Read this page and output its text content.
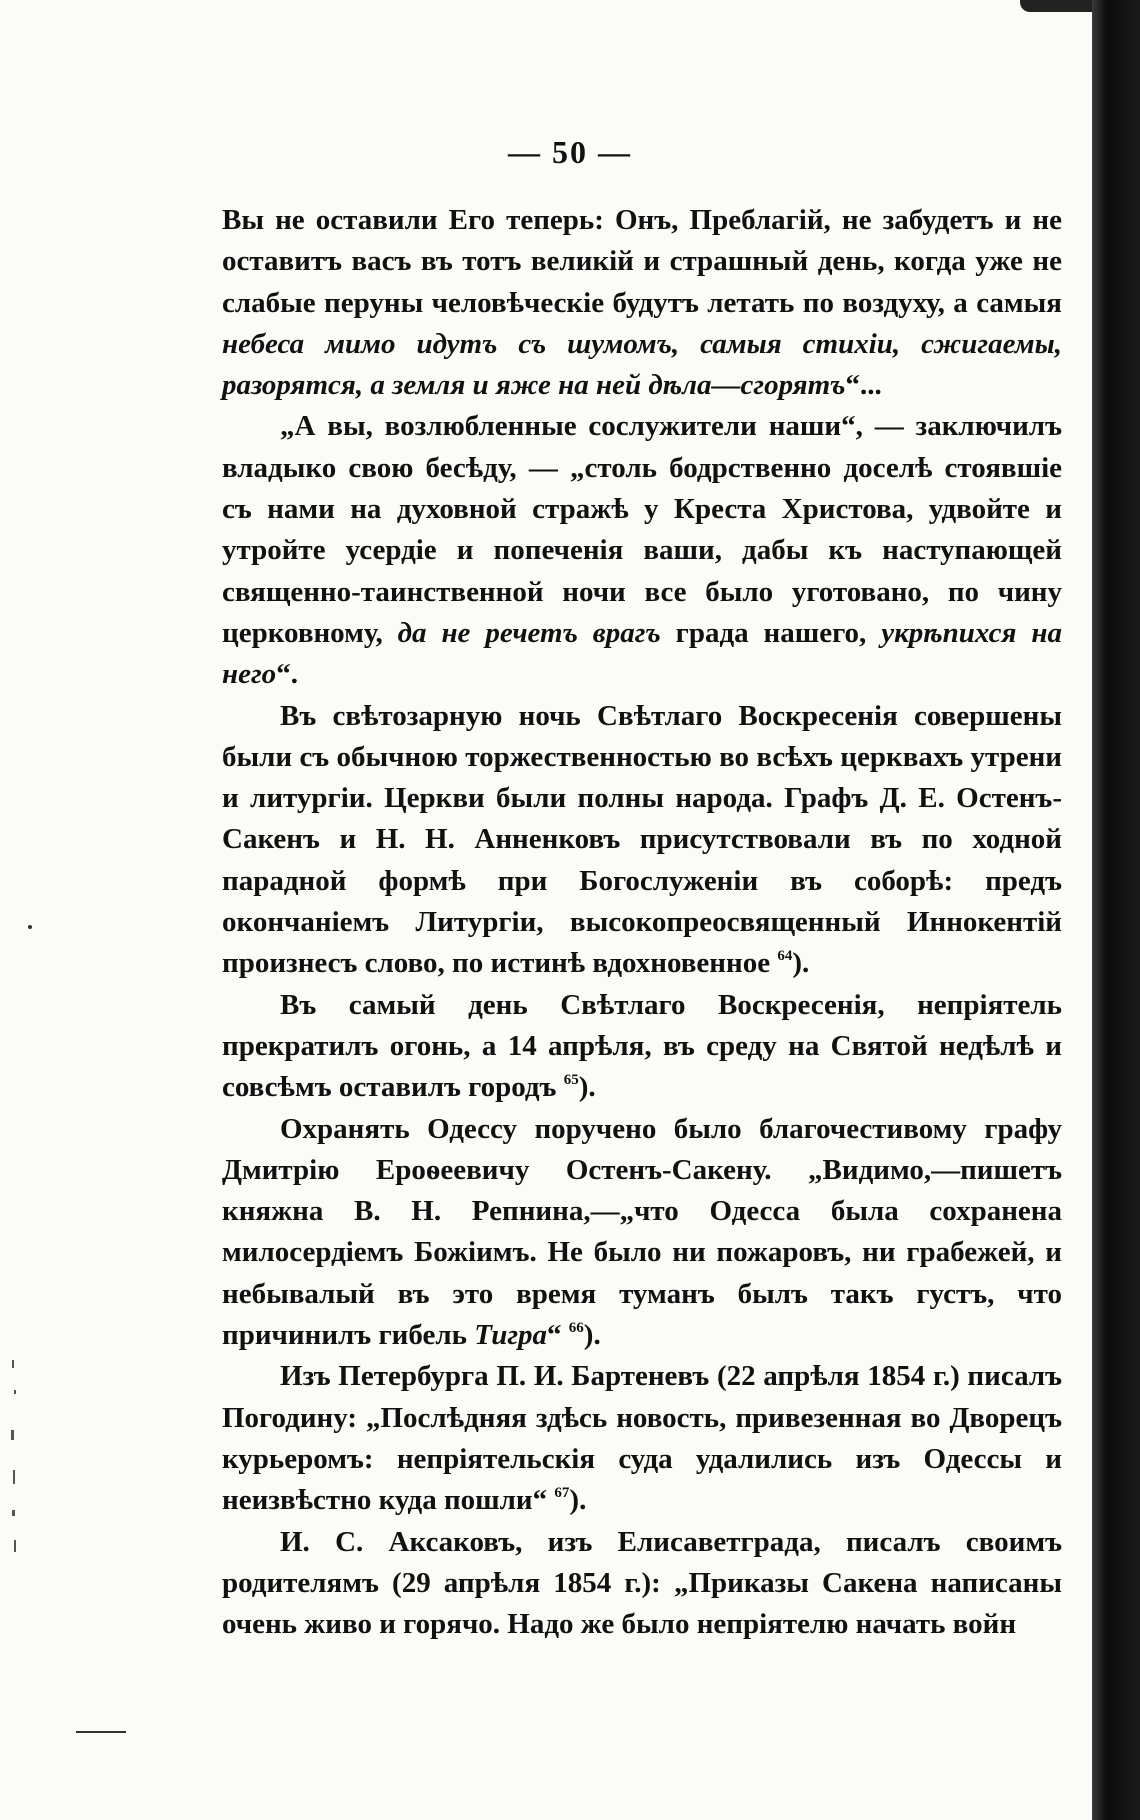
— 50 —

Вы не оставили Его теперь: Онъ, Преблагій, не забудетъ и не оставитъ васъ въ тотъ великій и страшный день, когда уже не слабые перуны человѣческіе будутъ летать по воздуху, а самыя небеса мимо идутъ съ шумомъ, самыя стихіи, сжигаемы, разорятся, а земля и яже на ней дѣла—сгорятъ“...

„А вы, возлюбленные сослужители наши“, — заключилъ владыко свою бесѣду, — „столь бодрственно доселѣ стоявшіе съ нами на духовной стражѣ у Креста Христова, удвойте и утройте усердіе и попеченія ваши, дабы къ наступающей священно-таинственной ночи все было уготовано, по чину церковному, да не речетъ врагъ града нашего, укрѣпихся на него“.

Въ свѣтозарную ночь Свѣтлаго Воскресенія совершены были съ обычною торжественностью во всѣхъ церквахъ утрени и литургіи. Церкви были полны народа. Графъ Д. Е. Остенъ-Сакенъ и Н. Н. Анненковъ присутствовали въ по ходной парадной формѣ при Богослуженіи въ соборѣ: предъ окончаніемъ Литургіи, высокопреосвященный Иннокентій произнесъ слово, по истинѣ вдохновенное $^{64}$).

Въ самый день Свѣтлаго Воскресенія, непріятель прекратилъ огонь, а 14 апрѣля, въ среду на Святой недѣлѣ и совсѣмъ оставилъ городъ $^{65}$).

Охранять Одессу поручено было благочестивому графу Дмитрію Ероѳеевичу Остенъ-Сакену. „Видимо,—пишетъ княжна В. Н. Репнина,—„что Одесса была сохранена милосердіемъ Божіимъ. Не было ни пожаровъ, ни грабежей, и небывалый въ это время туманъ былъ такъ густъ, что причинилъ гибель Тигра“ $^{66}$).

Изъ Петербурга П. И. Бартеневъ (22 апрѣля 1854 г.) писалъ Погодину: „Послѣдняя здѣсь новость, привезенная во Дворецъ курьеромъ: непріятельскія суда удалились изъ Одессы и неизвѣстно куда пошли“ $^{67}$).

И. С. Аксаковъ, изъ Елисаветграда, писалъ своимъ родителямъ (29 апрѣля 1854 г.): „Приказы Сакена написаны очень живо и горячо. Надо же было непріятелю начать войн
